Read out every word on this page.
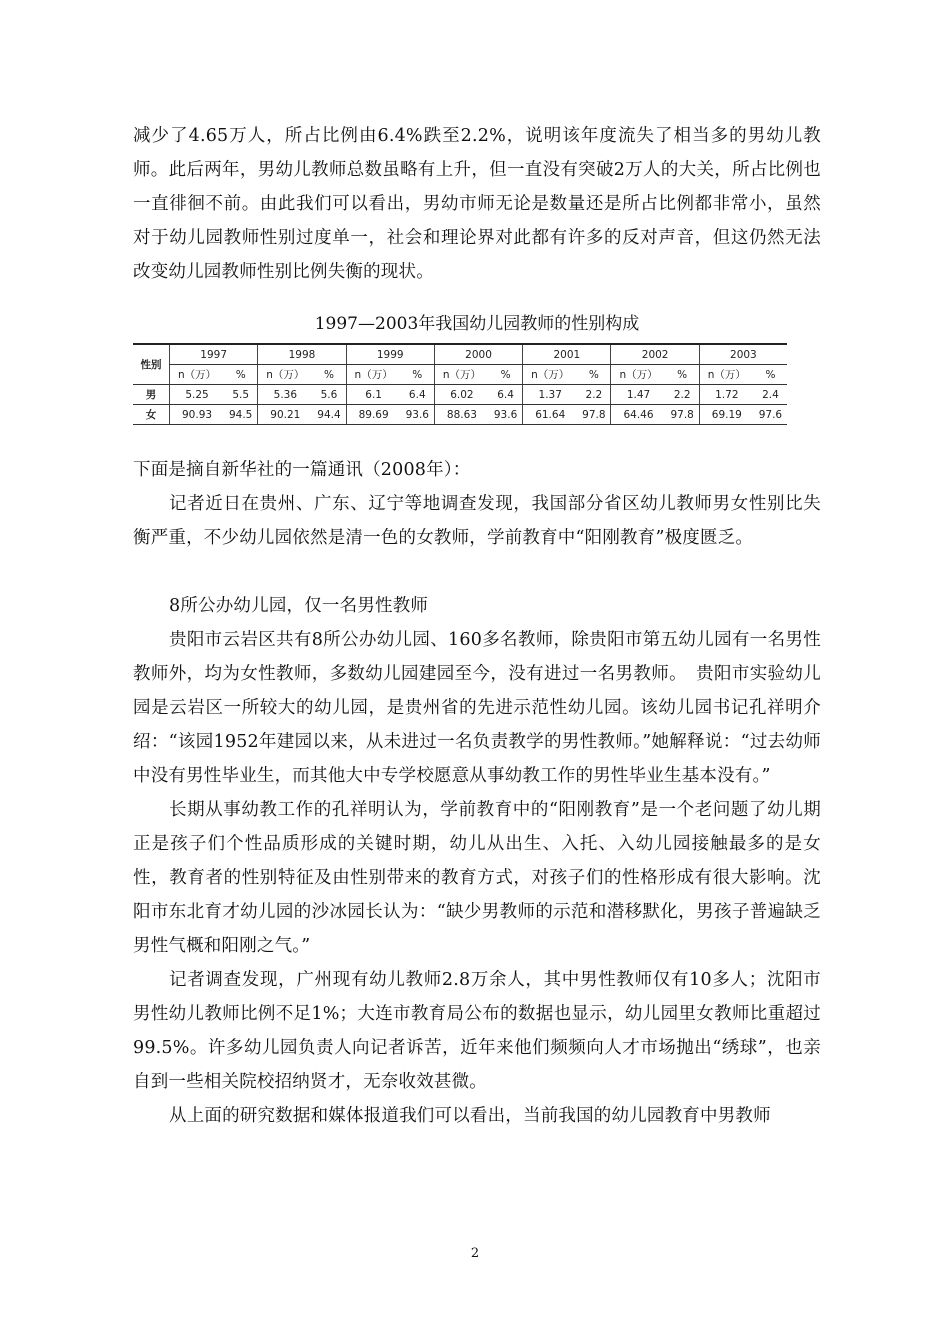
减少了4.65万人，所占比例由6.4%跌至2.2%，说明该年度流失了相当多的男幼儿教师。此后两年，男幼儿教师总数虽略有上升，但一直没有突破2万人的大关，所占比例也一直徘徊不前。由此我们可以看出，男幼市师无论是数量还是所占比例都非常小，虽然对于幼儿园教师性别过度单一，社会和理论界对此都有许多的反对声音，但这仍然无法改变幼儿园教师性别比例失衡的现状。

1997—2003年我国幼儿园教师的性别构成
性别	1997		1998		1999		2000		2001		2002		2003	
	n（万）	%	n（万）	%	n（万）	%	n（万）	%	n（万）	%	n（万）	%	n（万）	%
男	5.25	5.5	5.36	5.6	6.1	6.4	6.02	6.4	1.37	2.2	1.47	2.2	1.72	2.4
女	90.93	94.5	90.21	94.4	89.69	93.6	88.63	93.6	61.64	97.8	64.46	97.8	69.19	97.6

下面是摘自新华社的一篇通讯（2008年）：

记者近日在贵州、广东、辽宁等地调查发现，我国部分省区幼儿教师男女性别比失衡严重，不少幼儿园依然是清一色的女教师，学前教育中“阳刚教育”极度匮乏。

8所公办幼儿园，仅一名男性教师

贵阳市云岩区共有8所公办幼儿园、160多名教师，除贵阳市第五幼儿园有一名男性教师外，均为女性教师，多数幼儿园建园至今，没有进过一名男教师。　贵阳市实验幼儿园是云岩区一所较大的幼儿园，是贵州省的先进示范性幼儿园。该幼儿园书记孔祥明介绍：“该园1952年建园以来，从未进过一名负责教学的男性教师。”她解释说：“过去幼师中没有男性毕业生，而其他大中专学校愿意从事幼教工作的男性毕业生基本没有。”

长期从事幼教工作的孔祥明认为，学前教育中的“阳刚教育”是一个老问题了幼儿期正是孩子们个性品质形成的关键时期，幼儿从出生、入托、入幼儿园接触最多的是女性，教育者的性别特征及由性别带来的教育方式，对孩子们的性格形成有很大影响。沈阳市东北育才幼儿园的沙冰园长认为：“缺少男教师的示范和潜移默化，男孩子普遍缺乏男性气概和阳刚之气。”

记者调查发现，广州现有幼儿教师2.8万余人，其中男性教师仅有10多人；沈阳市男性幼儿教师比例不足1%；大连市教育局公布的数据也显示，幼儿园里女教师比重超过99.5%。许多幼儿园负责人向记者诉苦，近年来他们频频向人才市场抛出“绣球”，也亲自到一些相关院校招纳贤才，无奈收效甚微。

从上面的研究数据和媒体报道我们可以看出，当前我国的幼儿园教育中男教师

2
